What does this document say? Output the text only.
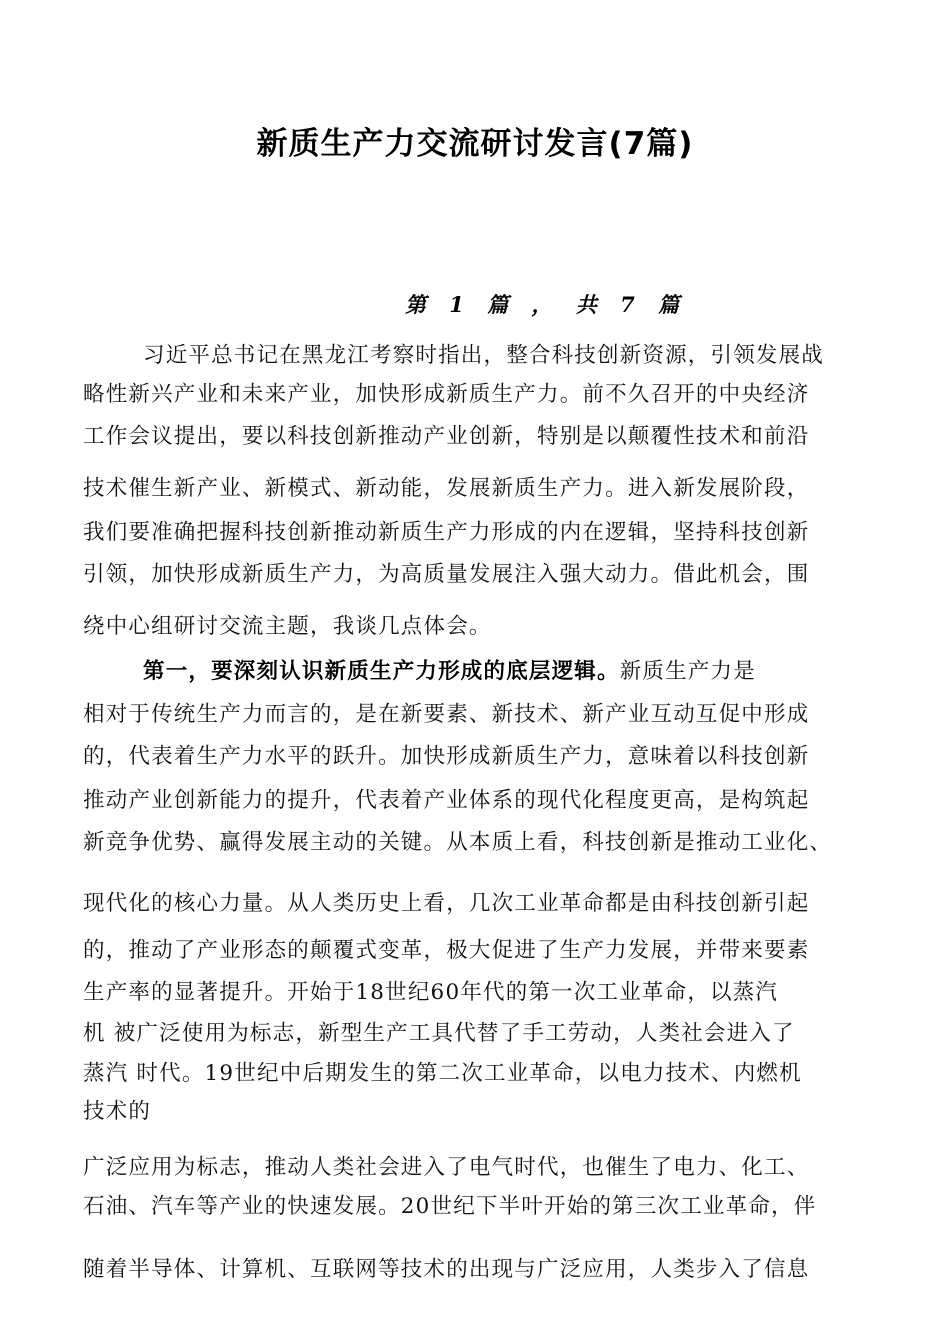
新质生产力交流研讨发言(7篇)
第 1 篇 ， 共 7 篇
习近平总书记在黑龙江考察时指出，整合科技创新资源，引领发展战
略性新兴产业和未来产业，加快形成新质生产力。前不久召开的中央经济
工作会议提出，要以科技创新推动产业创新，特别是以颠覆性技术和前沿
技术催生新产业、新模式、新动能，发展新质生产力。进入新发展阶段，
我们要准确把握科技创新推动新质生产力形成的内在逻辑，坚持科技创新
引领，加快形成新质生产力，为高质量发展注入强大动力。借此机会，围
绕中心组研讨交流主题，我谈几点体会。
第一，要深刻认识新质生产力形成的底层逻辑。新质生产力是
相对于传统生产力而言的，是在新要素、新技术、新产业互动互促中形成
的，代表着生产力水平的跃升。加快形成新质生产力，意味着以科技创新
推动产业创新能力的提升，代表着产业体系的现代化程度更高，是构筑起
新竞争优势、赢得发展主动的关键。从本质上看，科技创新是推动工业化、
现代化的核心力量。从人类历史上看，几次工业革命都是由科技创新引起
的，推动了产业形态的颠覆式变革，极大促进了生产力发展，并带来要素
生产率的显著提升。开始于18世纪60年代的第一次工业革命，以蒸汽
机 被广泛使用为标志，新型生产工具代替了手工劳动，人类社会进入了
蒸汽 时代。19世纪中后期发生的第二次工业革命，以电力技术、内燃机
技术的
广泛应用为标志，推动人类社会进入了电气时代，也催生了电力、化工、
石油、汽车等产业的快速发展。20世纪下半叶开始的第三次工业革命，伴
随着半导体、计算机、互联网等技术的出现与广泛应用，人类步入了信息
